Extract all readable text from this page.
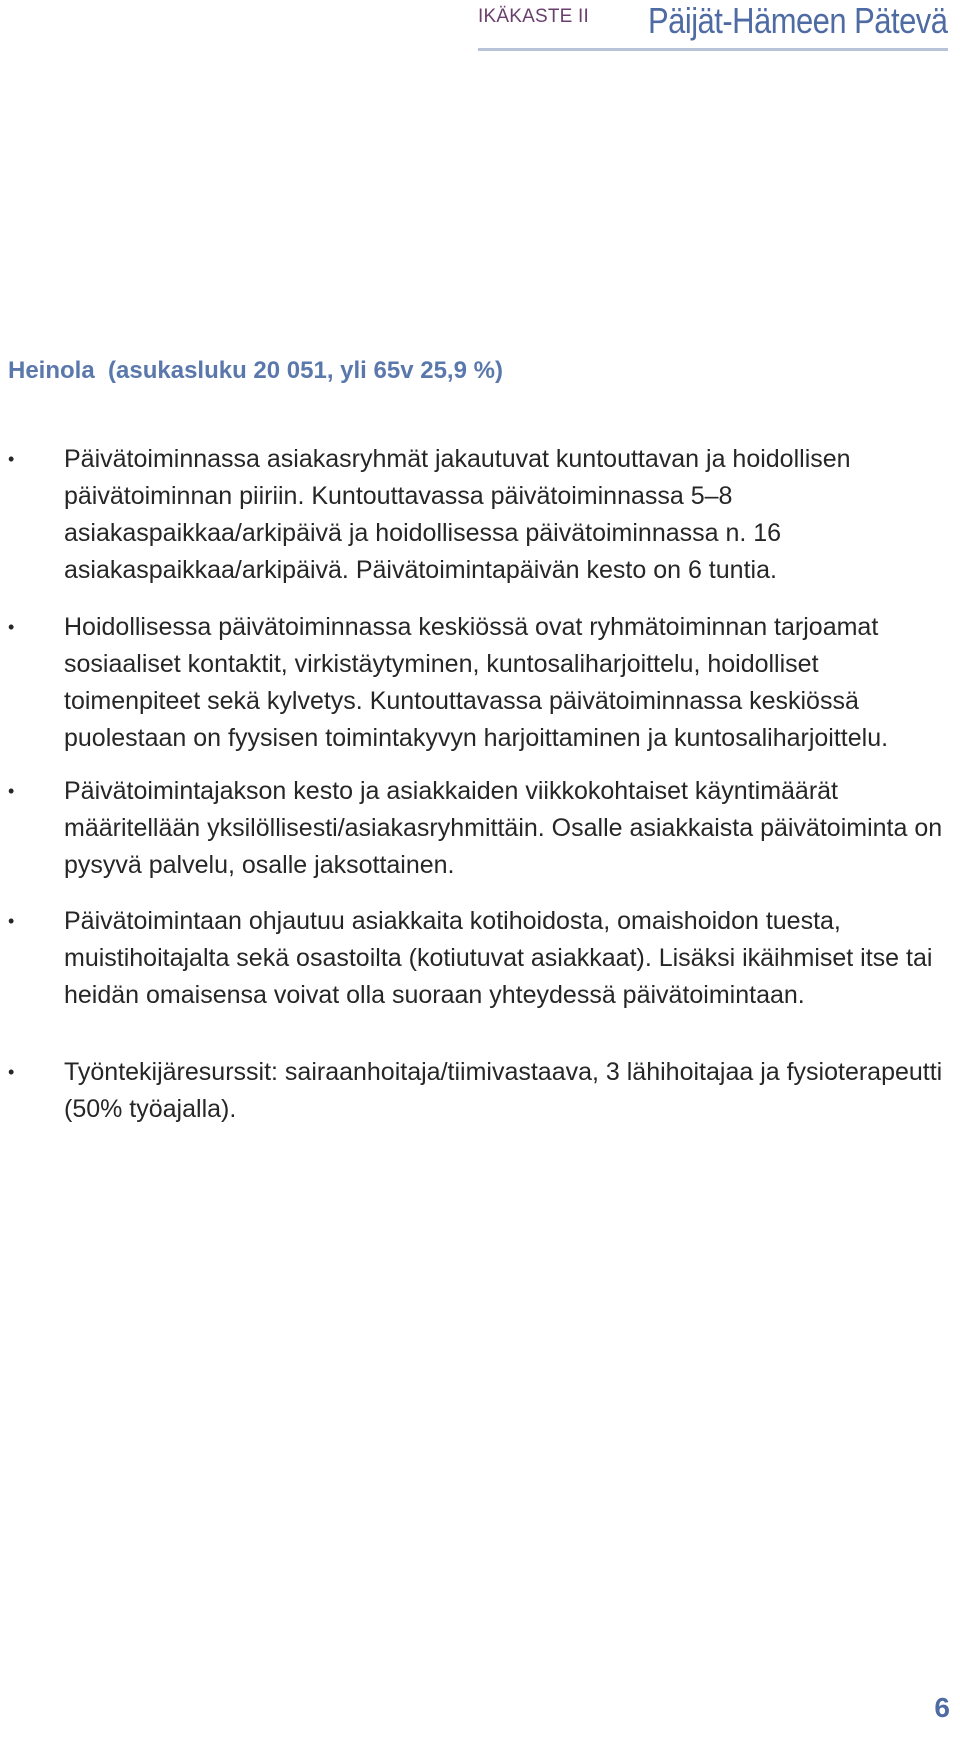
IKÄKASTE II Päijät-Hämeen Pätevä
Heinola  (asukasluku 20 051, yli 65v 25,9 %)
•	Päivätoiminnassa asiakasryhmät jakautuvat kuntouttavan ja hoidollisen päivätoiminnan piiriin. Kuntouttavassa päivätoiminnassa 5–8 asiakaspaikkaa/arkipäivä ja hoidollisessa päivätoiminnassa n. 16 asiakaspaikkaa/arkipäivä. Päivätoimintapäivän kesto on 6 tuntia.

•	Hoidollisessa päivätoiminnassa keskiössä ovat ryhmätoiminnan tarjoamat sosiaaliset kontaktit, virkistäytyminen, kuntosaliharjoittelu, hoidolliset toimenpiteet sekä kylvetys. Kuntouttavassa päivätoiminnassa keskiössä puolestaan on fyysisen toimintakyvyn harjoittaminen ja kuntosaliharjoittelu.

•	Päivätoimintajakson kesto ja asiakkaiden viikkokohtaiset käyntimäärät määritellään yksilöllisesti/asiakasryhmittäin. Osalle asiakkaista päivätoiminta on pysyvä palvelu, osalle jaksottainen.

•	Päivätoimintaan ohjautuu asiakkaita kotihoidosta, omaishoidon tuesta, muistihoitajalta sekä osastoilta (kotiutuvat asiakkaat). Lisäksi ikäihmiset itse tai heidän omaisensa voivat olla suoraan yhteydessä päivätoimintaan.

•	Työntekijäresurssit: sairaanhoitaja/tiimivastaava, 3 lähihoitajaa ja fysioterapeutti (50% työajalla).

6
